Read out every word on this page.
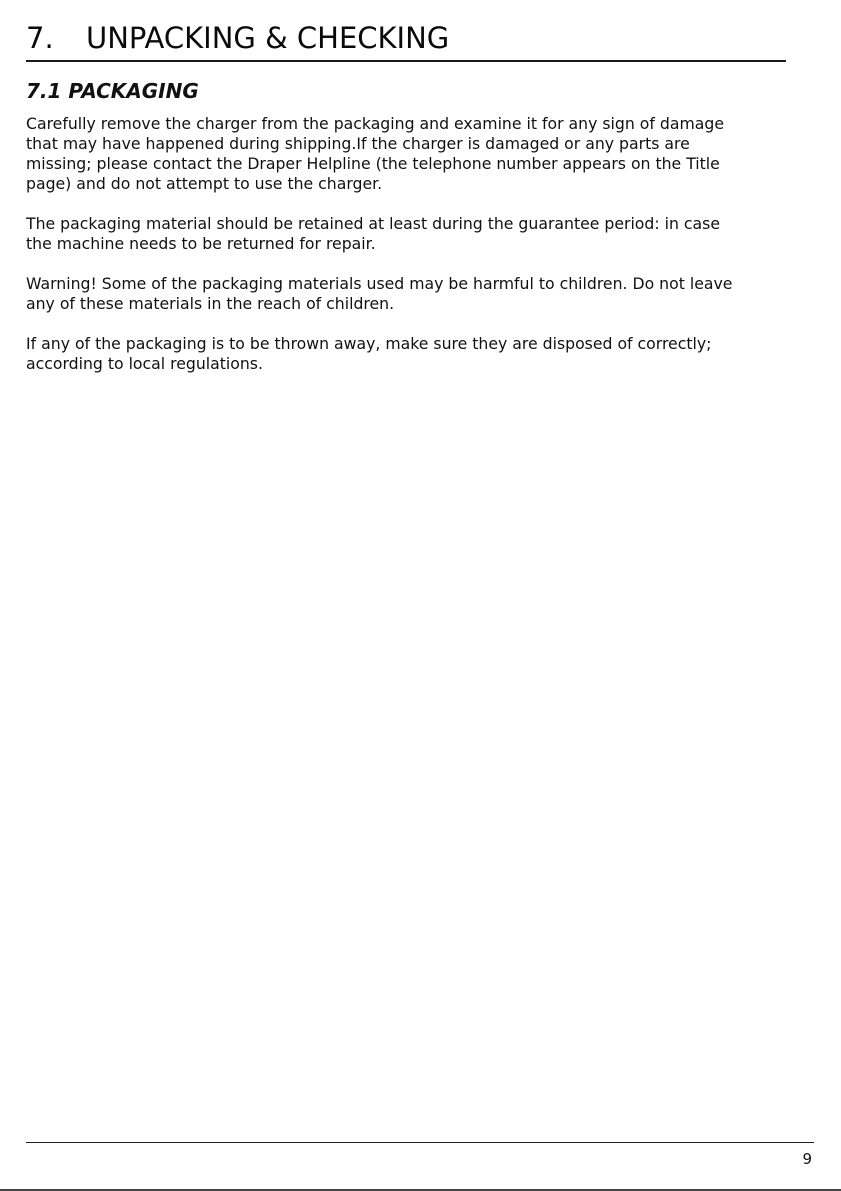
7.	UNPACKING & CHECKING
7.1 PACKAGING

Carefully remove the charger from the packaging and examine it for any sign of damage
that may have happened during shipping.If the charger is damaged or any parts are
missing; please contact the Draper Helpline (the telephone number appears on the Title
page) and do not attempt to use the charger.

The packaging material should be retained at least during the guarantee period: in case
the machine needs to be returned for repair.

Warning! Some of the packaging materials used may be harmful to children. Do not leave
any of these materials in the reach of children.

If any of the packaging is to be thrown away, make sure they are disposed of correctly;
according to local regulations.

9
